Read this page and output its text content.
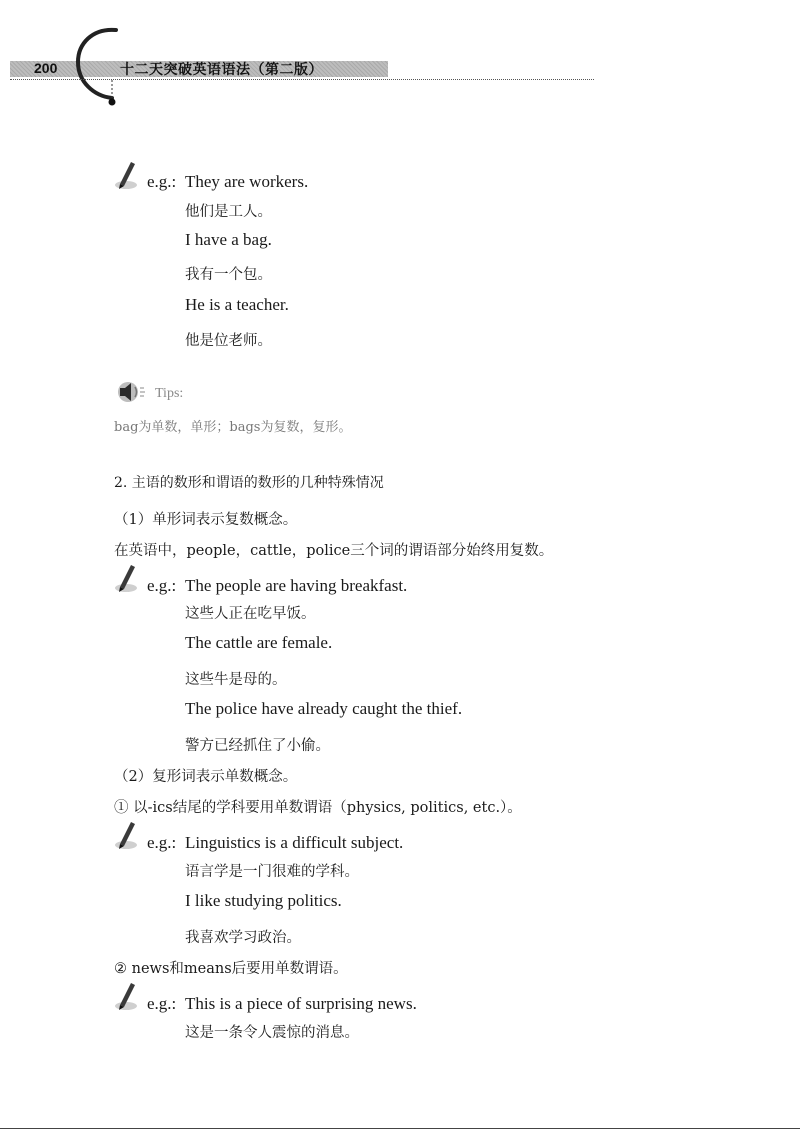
200	十二天突破英语语法（第二版）
e.g.: They are workers.
他们是工人。
I have a bag.
我有一个包。
He is a teacher.
他是位老师。
Tips:
bag为单数，单形；bags为复数，复形。
2. 主语的数形和谓语的数形的几种特殊情况
（1）单形词表示复数概念。
在英语中，people，cattle，police三个词的谓语部分始终用复数。
e.g.: The people are having breakfast.
这些人正在吃早饭。
The cattle are female.
这些牛是母的。
The police have already caught the thief.
警方已经抓住了小偷。
（2）复形词表示单数概念。
① 以-ics结尾的学科要用单数谓语（physics, politics, etc.）。
e.g.: Linguistics is a difficult subject.
语言学是一门很难的学科。
I like studying politics.
我喜欢学习政治。
② news和means后要用单数谓语。
e.g.: This is a piece of surprising news.
这是一条令人震惊的消息。
